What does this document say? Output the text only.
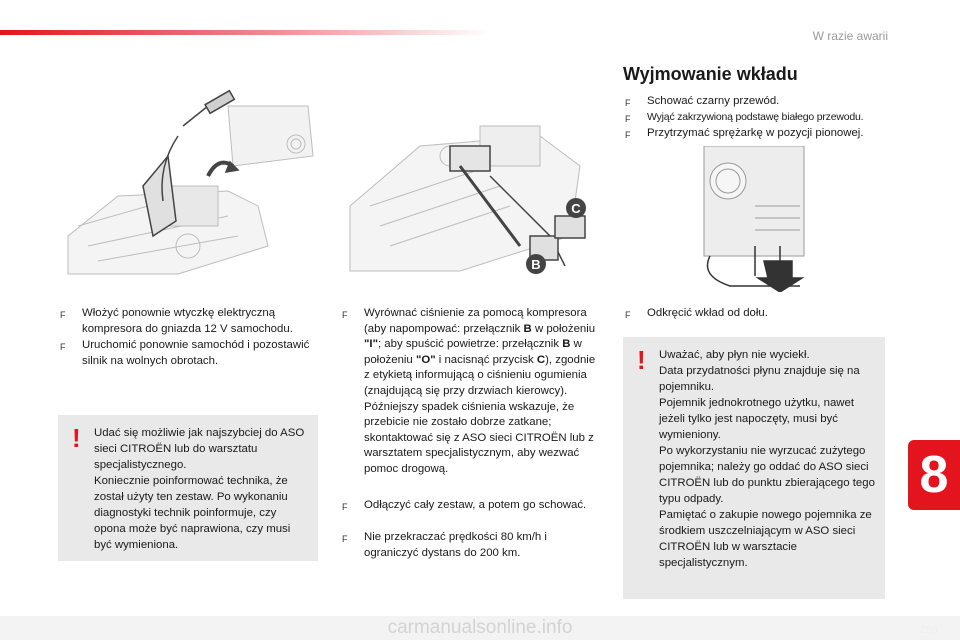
W razie awarii
8
F Włożyć ponownie wtyczkę elektryczną kompresora do gniazda 12 V samochodu.
F Uruchomić ponownie samochód i pozostawić silnik na wolnych obrotach.
! Udać się możliwie jak najszybciej do ASO sieci CITROËN lub do warsztatu specjalistycznego.

Koniecznie poinformować technika, że został użyty ten zestaw. Po wykonaniu diagnostyki technik poinformuje, czy opona może być naprawiona, czy musi być wymieniona.

C
B
F Wyrównać ciśnienie za pomocą kompresora (aby napompować: przełącznik B w położeniu "I"; aby spuścić powietrze: przełącznik B w położeniu "O" i nacisnąć przycisk C), zgodnie z etykietą informującą o ciśnieniu ogumienia (znajdującą się przy drzwiach kierowcy).
Późniejszy spadek ciśnienia wskazuje, że przebicie nie zostało dobrze zatkane; skontaktować się z ASO sieci CITROËN lub z warsztatem specjalistycznym, aby wezwać pomoc drogową.
F Odłączyć cały zestaw, a potem go schować.
F Nie przekraczać prędkości 80 km/h i ograniczyć dystans do 200 km.
Wyjmowanie wkładu
F Schować czarny przewód.
F Wyjąć zakrzywioną podstawę białego przewodu.
F Przytrzymać sprężarkę w pozycji pionowej.
F Odkręcić wkład od dołu.
! Uważać, aby płyn nie wyciekł.

Data przydatności płynu znajduje się na pojemniku.

Pojemnik jednokrotnego użytku, nawet jeżeli tylko jest napoczęty, musi być wymieniony.

Po wykorzystaniu nie wyrzucać zużytego pojemnika; należy go oddać do ASO sieci CITROËN lub do punktu zbierającego tego typu odpady.

Pamiętać o zakupie nowego pojemnika ze środkiem uszczelniającym w ASO sieci CITROËN lub w warsztacie specjalistycznym.

carmanualsonline.info
